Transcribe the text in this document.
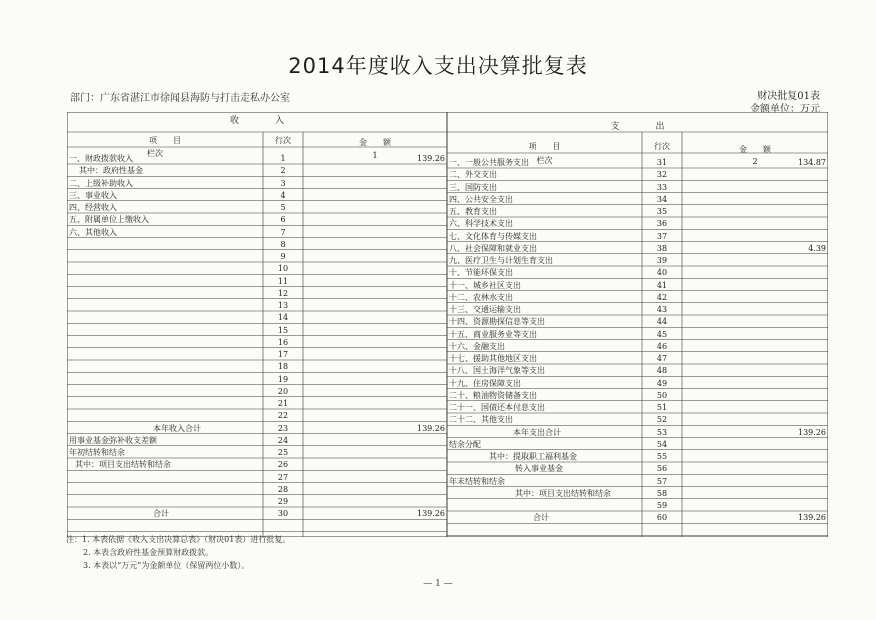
2014年度收入支出决算批复表
部门：广东省湛江市徐闻县海防与打击走私办公室	财决批复01表
金额单位：万元
收　　　　入
支　　　　出
项　　目	行次	金　　额	项　　目	行次	金　　额
栏次	1
栏次	2
一、财政拨款收入	1	139.26
其中：政府性基金	2
二、上级补助收入	3
三、事业收入	4
四、经营收入	5
五、附属单位上缴收入	6
六、其他收入	7
8
9
10
11
12
13
14
15
16
17
18
19
20
21
22
本年收入合计	23	139.26
用事业基金弥补收支差额	24
年初结转和结余	25
其中：项目支出结转和结余	26
27
28
29
合计	30	139.26
一、一般公共服务支出	31	134.87
二、外交支出	32
三、国防支出	33
四、公共安全支出	34
五、教育支出	35
六、科学技术支出	36
七、文化体育与传媒支出	37
八、社会保障和就业支出	38	4.39
九、医疗卫生与计划生育支出	39
十、节能环保支出	40
十一、城乡社区支出	41
十二、农林水支出	42
十三、交通运输支出	43
十四、资源勘探信息等支出	44
十五、商业服务业等支出	45
十六、金融支出	46
十七、援助其他地区支出	47
十八、国土海洋气象等支出	48
十九、住房保障支出	49
二十、粮油物资储备支出	50
二十一、国债还本付息支出	51
二十二、其他支出	52
本年支出合计	53	139.26
结余分配	54
其中：提取职工福利基金	55
转入事业基金	56
年末结转和结余	57
其中：项目支出结转和结余	58
59
合计	60	139.26
注：1. 本表依据《收入支出决算总表》（财决01表）进行批复。
2. 本表含政府性基金预算财政拨款。
3. 本表以“万元”为金额单位（保留两位小数）。
— 1 —
